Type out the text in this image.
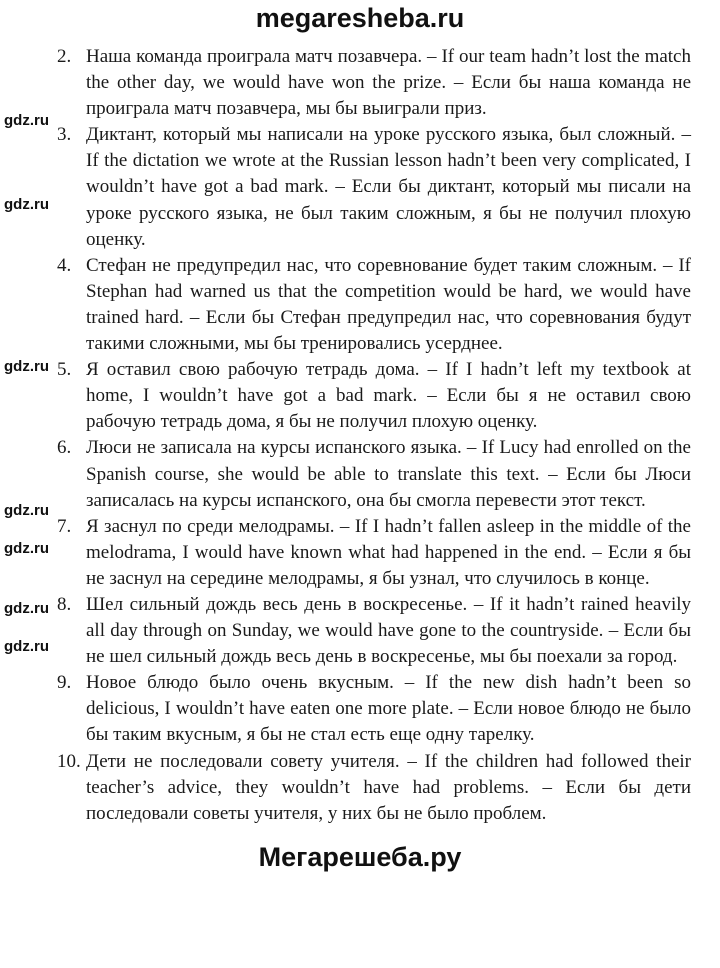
megaresheba.ru
2. Наша команда проиграла матч позавчера. – If our team hadn’t lost the match the other day, we would have won the prize. – Если бы наша команда не проиграла матч позавчера, мы бы выиграли приз.
3. Диктант, который мы написали на уроке русского языка, был сложный. – If the dictation we wrote at the Russian lesson hadn’t been very complicated, I wouldn’t have got a bad mark. – Если бы диктант, который мы писали на уроке русского языка, не был таким сложным, я бы не получил плохую оценку.
4. Стефан не предупредил нас, что соревнование будет таким сложным. – If Stephan had warned us that the competition would be hard, we would have trained hard. – Если бы Стефан предупредил нас, что соревнования будут такими сложными, мы бы тренировались усерднее.
5. Я оставил свою рабочую тетрадь дома. – If I hadn’t left my textbook at home, I wouldn’t have got a bad mark. – Если бы я не оставил свою рабочую тетрадь дома, я бы не получил плохую оценку.
6. Люси не записала на курсы испанского языка. – If Lucy had enrolled on the Spanish course, she would be able to translate this text. – Если бы Люси записалась на курсы испанского, она бы смогла перевести этот текст.
7. Я заснул по среди мелодрамы. – If I hadn’t fallen asleep in the middle of the melodrama, I would have known what had happened in the end. – Если я бы не заснул на середине мелодрамы, я бы узнал, что случилось в конце.
8. Шел сильный дождь весь день в воскресенье. – If it hadn’t rained heavily all day through on Sunday, we would have gone to the countryside. – Если бы не шел сильный дождь весь день в воскресенье, мы бы поехали за город.
9. Новое блюдо было очень вкусным. – If the new dish hadn’t been so delicious, I wouldn’t have eaten one more plate. – Если новое блюдо не было бы таким вкусным, я бы не стал есть еще одну тарелку.
10. Дети не последовали совету учителя. – If the children had followed their teacher’s advice, they wouldn’t have had problems. – Если бы дети последовали советы учителя, у них бы не было проблем.
Мегарешеба.ру
gdz.ru
gdz.ru
gdz.ru
gdz.ru
gdz.ru
gdz.ru
gdz.ru
